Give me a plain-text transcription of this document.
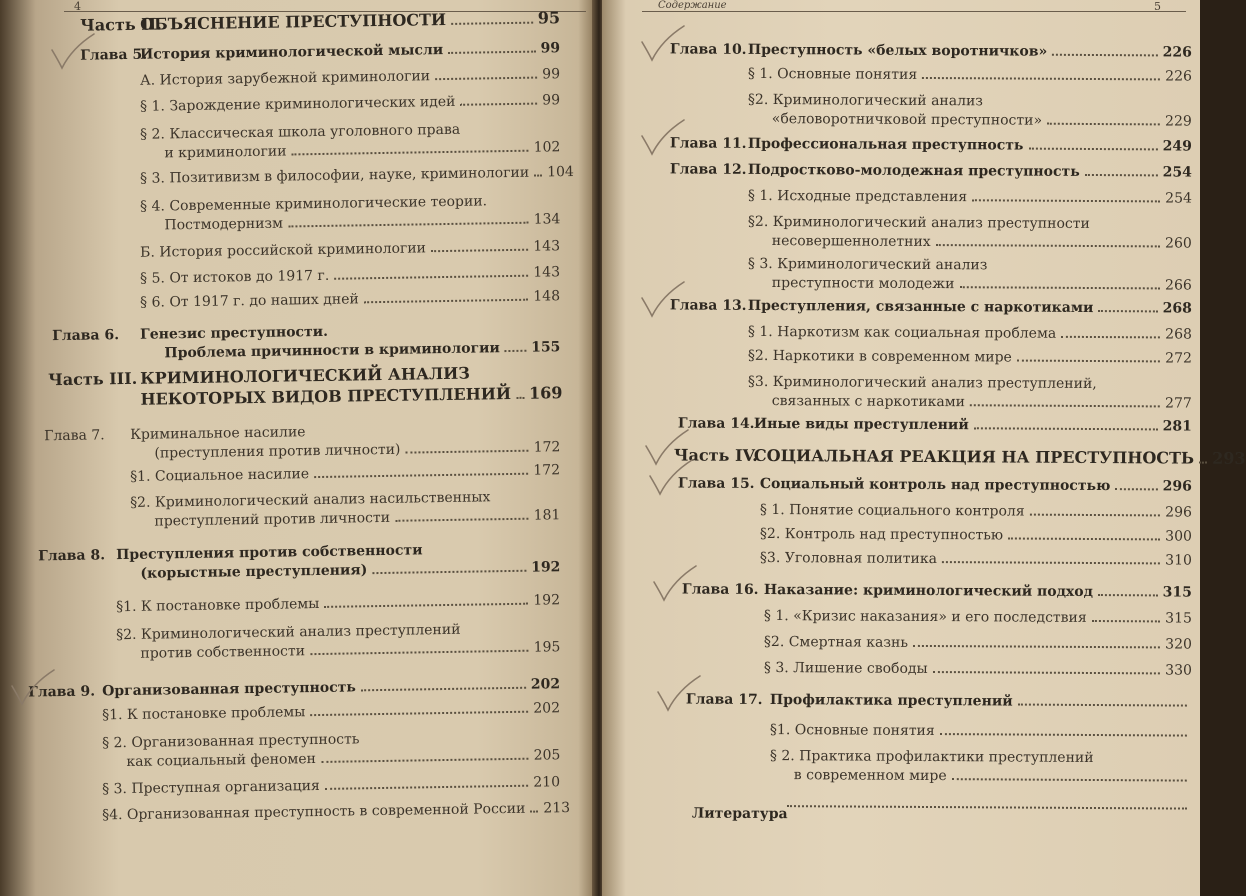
4
Часть II.
ОБЪЯСНЕНИЕ ПРЕСТУПНОСТИ	95
Глава 5.
История криминологической мысли	99
А. История зарубежной криминологии	99
§ 1. Зарождение криминологических идей	99
§ 2. Классическая школа уголовного права
и криминологии	102
§ 3. Позитивизм в философии, науке, криминологии 104
§ 4. Современные криминологические теории.
Постмодернизм	134
Б. История российской криминологии	143
§ 5. От истоков до 1917 г.	143
§ 6. От 1917 г. до наших дней	148
Глава 6. Генезис преступности.
Проблема причинности в криминологии 155
Часть III. КРИМИНОЛОГИЧЕСКИЙ АНАЛИЗ
НЕКОТОРЫХ ВИДОВ ПРЕСТУПЛЕНИЙ 169
Глава 7. Криминальное насилие
(преступления против личности)	172
§1. Социальное насилие	172
§2. Криминологический анализ насильственных
преступлений против личности	181
Глава 8. Преступления против собственности
(корыстные преступления)	192
§1. К постановке проблемы	192
§2. Криминологический анализ преступлений
против собственности	195
Глава 9. Организованная преступность	202
§1. К постановке проблемы	202
§ 2. Организованная преступность
как социальный феномен	205
§ 3. Преступная организация	210
§4. Организованная преступность в современной России 213
Содержание	5
Глава 10. Преступность «белых воротничков»	226
§ 1. Основные понятия	226
§2. Криминологический анализ
«беловоротничковой преступности»	229
Глава 11. Профессиональная преступность	249
Глава 12. Подростково-молодежная преступность	254
§ 1. Исходные представления	254
§2. Криминологический анализ преступности
несовершеннолетних	260
§ 3. Криминологический анализ
преступности молодежи	266
Глава 13. Преступления, связанные с наркотиками	268
§ 1. Наркотизм как социальная проблема	268
§2. Наркотики в современном мире	272
§3. Криминологический анализ преступлений,
связанных с наркотиками	277
Глава 14. Иные виды преступлений	281
Часть IV.
СОЦИАЛЬНАЯ РЕАКЦИЯ НА ПРЕСТУПНОСТЬ 293
Глава 15. Социальный контроль над преступностью	296
§ 1. Понятие социального контроля	296
§2. Контроль над преступностью	300
§3. Уголовная политика	310
Глава 16. Наказание: криминологический подход	315
§ 1. «Кризис наказания» и его последствия	315
§2. Смертная казнь	320
§ 3. Лишение свободы	330
Глава 17. Профилактика преступлений
§1. Основные понятия
§ 2. Практика профилактики преступлений
в современном мире
Литература
